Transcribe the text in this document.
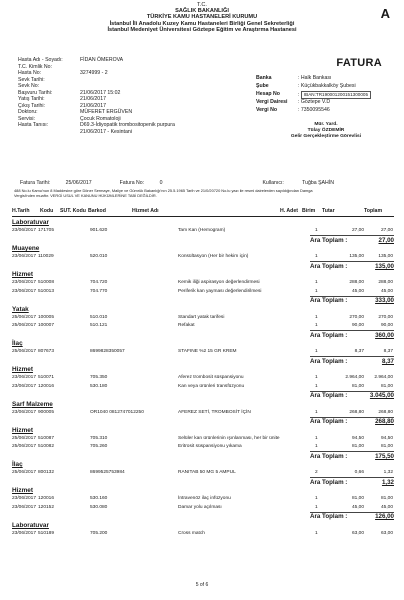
T.C.
SAĞLIK BAKANLIĞI
TÜRKİYE KAMU HASTANELERİ KURUMU
İstanbul İli Anadolu Kuzey Kamu Hastaneleri Birliği Genel Sekreterliği
İstanbul Medeniyet Üniversitesi Göztepe Eğitim ve Araştırma Hastanesi
A
FATURA
Hasta Adı - Soyadı:	FİDAN ÖMEROVA
T.C. Kimlik No:
Hasta No:	3274999 - 2
Sevk Tarihi:
Sevk No:
Başvuru Tarihi:	21/06/2017 15:02
Yatış Tarihi:	21/06/2017
Çıkış Tarihi:	21/06/2017
Doktoru:	MÜFERET ERGÜVEN
Servisi:	Çocuk Romatoloji
Hasta Tanısı:	D69.3-İdiyopatik trombositopenik purpura
21/06/2017 - Kesintani
Banka	: Halk Bankası
Şube	: Küçükbakkalköy Şubesi
Hesap No	: IBAN:TR190001200151300005
Vergi Dairesi	: Göztepe V.D
Vergi No	: 7350095546
Mür. Yard.
Tülay ÖZDEMİR
Gelir Gerçekleştirme Görevlisi
Fatura Tarihi:	25/06/2017	Fatura No:	0	Kullanıcı:	Tuğba ŞAHİN
488 No.lu Kamu'nun 8 Maddesine göre Döner Sermaye, Maliye ve Gümrük Bakanlığı'nın 25.5.1965 Tarih ve 21/0/20720 No.lu yazı ile resmi dairelerden sayıldığından Damga
Vergisi'nden muaftır. VERGİ USUL VE KANUNU HÜKÜMLERİNE TABİ DEĞİLDİR.
H.Tarih Kodu SUT. Kodu Barkod	Hizmet Adı	H. Adet Birim Tutar	Toplam
Laboratuvar
23/06/2017 171705	901.620	Tam Kan (Hemogram)	1	27,00	27,00
Ara Toplam :	27,00
Muayene
23/06/2017 110029	520.010	Konsültasyon (Her bir hekim için)	1	135,00	135,00
Ara Toplam :	135,00
Hizmet
23/06/2017 510008	704.720	Kemik iliği aspirasyon değerlendirmesi	1	288,00	288,00
23/06/2017 510013	704.770	Periferik kan yayması değerlendirilmesi	1	45,00	45,00
Ara Toplam :	333,00
Yatak
25/06/2017 100005	510.010	Standart yatak tarifesi	1	270,00	270,00
25/06/2017 100007	510.121	Refakat	1	90,00	90,00
Ara Toplam :	360,00
İlaç
25/06/2017 807673	8699828350057	STAFINE %2 15 GR KREM	1	8,37	8,37
Ara Toplam :	8,37
Hizmet
23/06/2017 510071	705.350	Aferez trombosit süspansiyonu	1	2.964,00	2.964,00
23/06/2017 120016	530.180	Kan veya ürünleri transfüzyonu	1	81,00	81,00
Ara Toplam :	3.045,00
Sarf Malzeme
23/06/2017 900005	OR1040 0812747012250	AFEREZ SETİ, TROMBOSİT İÇİN	1	268,80	268,80
Ara Toplam :	268,80
Hizmet
25/06/2017 510087	705.310	Selüler kan ürünlerinin ışınlanması, her bir ünite	1	94,50	94,50
25/06/2017 510082	705.260	Eritrosit süspansiyonu yıkama	1	81,00	81,00
Ara Toplam :	175,50
İlaç
25/06/2017 800132	8699525753984	RANITAB 50 MG 5 AMPUL	2	0,66	1,32
Ara Toplam :	1,32
Hizmet
23/06/2017 120016	530.160	İntravenöz ilaç infüzyonu	1	81,00	81,00
23/06/2017 120152	530.080	Damar yolu açılması	1	45,00	45,00
Ara Toplam :	126,00
Laboratuvar
23/06/2017 510189	705.200	Cross match	1	63,00	63,00
5 of 6
